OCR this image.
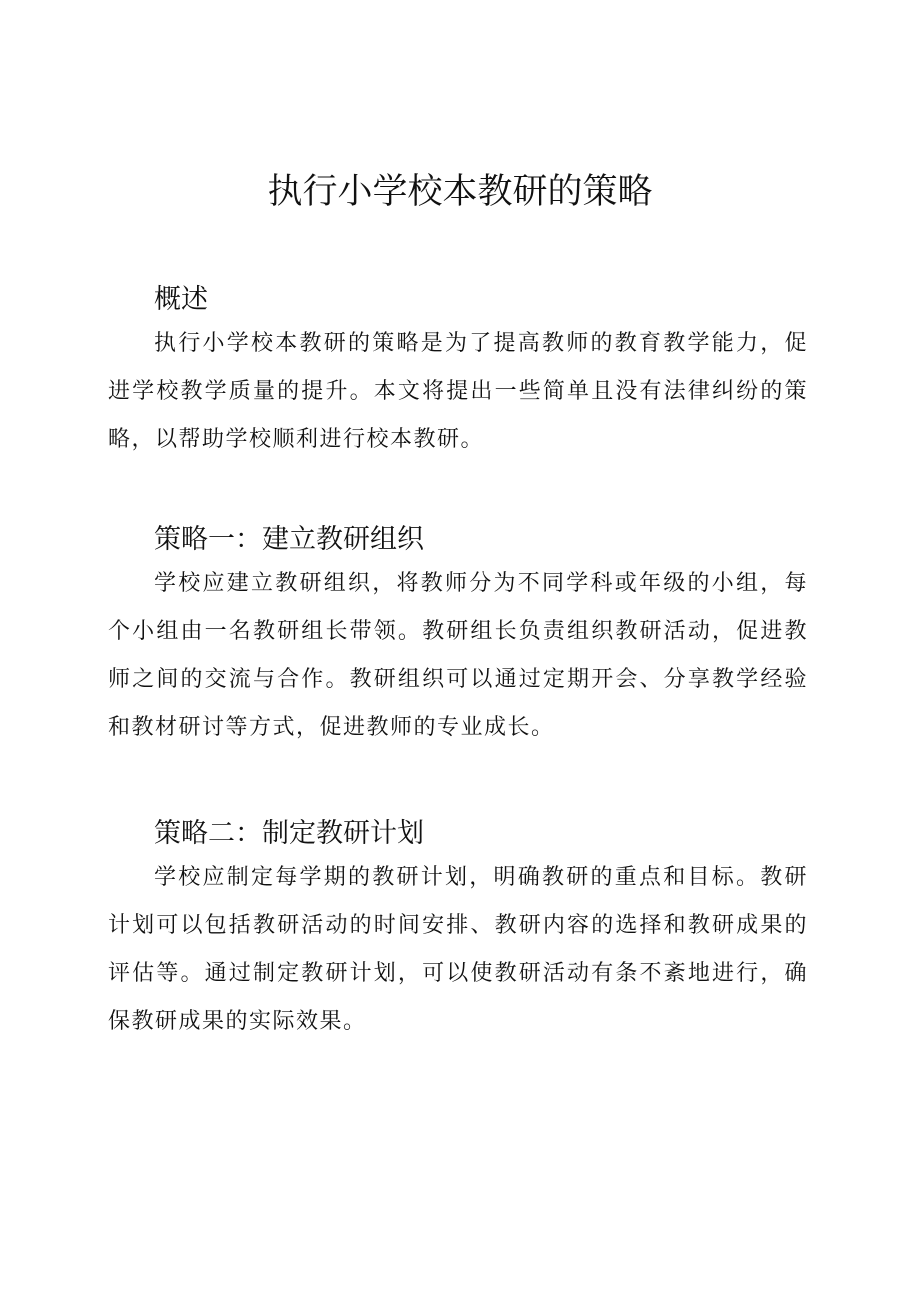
执行小学校本教研的策略
概述

执行小学校本教研的策略是为了提高教师的教育教学能力，促进学校教学质量的提升。本文将提出一些简单且没有法律纠纷的策略，以帮助学校顺利进行校本教研。

策略一：建立教研组织

学校应建立教研组织，将教师分为不同学科或年级的小组，每个小组由一名教研组长带领。教研组长负责组织教研活动，促进教师之间的交流与合作。教研组织可以通过定期开会、分享教学经验和教材研讨等方式，促进教师的专业成长。

策略二：制定教研计划

学校应制定每学期的教研计划，明确教研的重点和目标。教研计划可以包括教研活动的时间安排、教研内容的选择和教研成果的评估等。通过制定教研计划，可以使教研活动有条不紊地进行，确保教研成果的实际效果。
